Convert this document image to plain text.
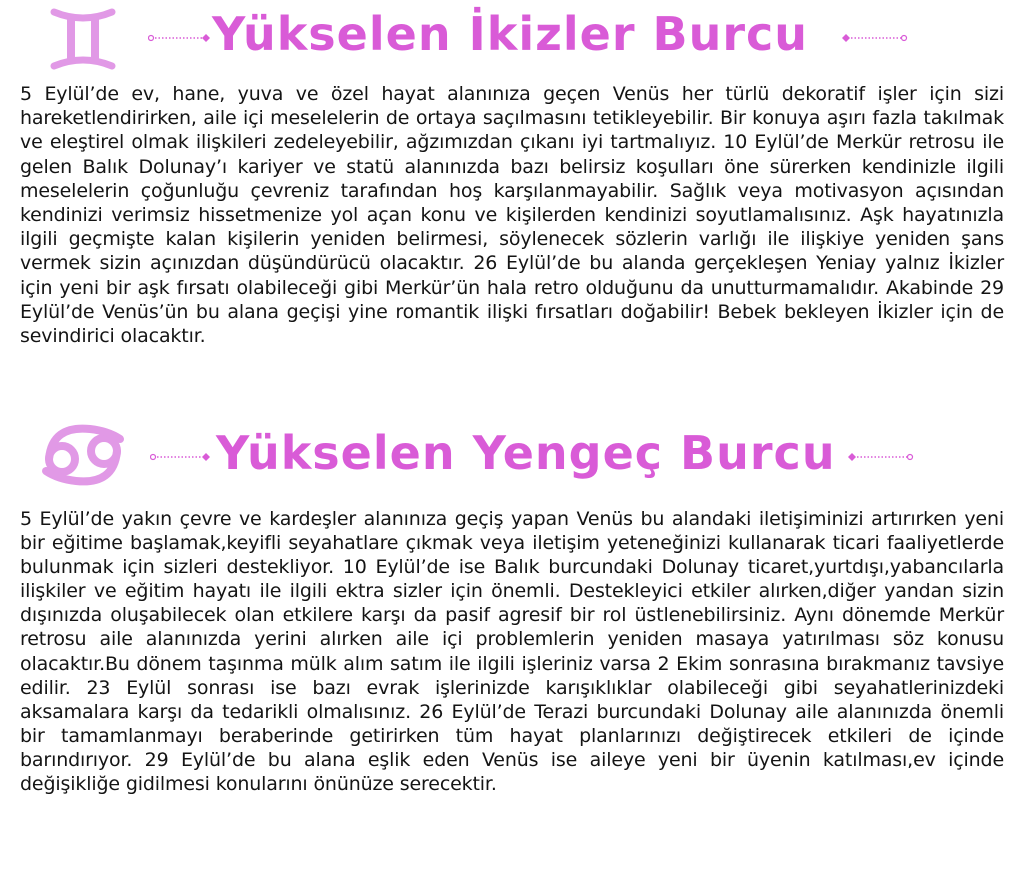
Yükselen İkizler Burcu

5 Eylül’de ev, hane, yuva ve özel hayat alanınıza geçen Venüs her türlü dekoratif işler için sizi hareketlendirirken, aile içi meselelerin de ortaya saçılmasını tetikleyebilir. Bir konuya aşırı fazla takılmak ve eleştirel olmak ilişkileri zedeleyebilir, ağzımızdan çıkanı iyi tartmalıyız. 10 Eylül’de Merkür retrosu ile gelen Balık Dolunay’ı kariyer ve statü alanınızda bazı belirsiz koşulları öne sürerken kendinizle ilgili meselelerin çoğunluğu çevreniz tarafından hoş karşılanmayabilir. Sağlık veya motivasyon açısından kendinizi verimsiz hissetmenize yol açan konu ve kişilerden kendinizi soyutlamalısınız. Aşk hayatınızla ilgili geçmişte kalan kişilerin yeniden belirmesi, söylenecek sözlerin varlığı ile ilişkiye yeniden şans vermek sizin açınızdan düşündürücü olacaktır. 26 Eylül’de bu alanda gerçekleşen Yeniay yalnız İkizler için yeni bir aşk fırsatı olabileceği gibi Merkür’ün hala retro olduğunu da unutturmamalıdır. Akabinde 29 Eylül’de Venüs’ün bu alana geçişi yine romantik ilişki fırsatları doğabilir! Bebek bekleyen İkizler için de sevindirici olacaktır.

Yükselen Yengeç Burcu

5 Eylül’de yakın çevre ve kardeşler alanınıza geçiş yapan Venüs bu alandaki iletişiminizi artırırken yeni bir eğitime başlamak,keyifli seyahatlare çıkmak veya iletişim yeteneğinizi kullanarak ticari faaliyetlerde bulunmak için sizleri destekliyor. 10 Eylül’de ise Balık burcundaki Dolunay ticaret,yurtdışı,yabancılarla ilişkiler ve eğitim hayatı ile ilgili ektra sizler için önemli. Destekleyici etkiler alırken,diğer yandan sizin dışınızda oluşabilecek olan etkilere karşı da pasif agresif bir rol üstlenebilirsiniz. Aynı dönemde Merkür retrosu aile alanınızda yerini alırken aile içi problemlerin yeniden masaya yatırılması söz konusu olacaktır.Bu dönem taşınma mülk alım satım ile ilgili işleriniz varsa 2 Ekim sonrasına bırakmanız tavsiye edilir. 23 Eylül sonrası ise bazı evrak işlerinizde karışıklıklar olabileceği gibi seyahatlerinizdeki aksamalara karşı da tedarikli olmalısınız. 26 Eylül’de Terazi burcundaki Dolunay aile alanınızda önemli bir tamamlanmayı beraberinde getirirken tüm hayat planlarınızı değiştirecek etkileri de içinde barındırıyor. 29 Eylül’de bu alana eşlik eden Venüs ise aileye yeni bir üyenin katılması,ev içinde değişikliğe gidilmesi konularını önünüze serecektir.
